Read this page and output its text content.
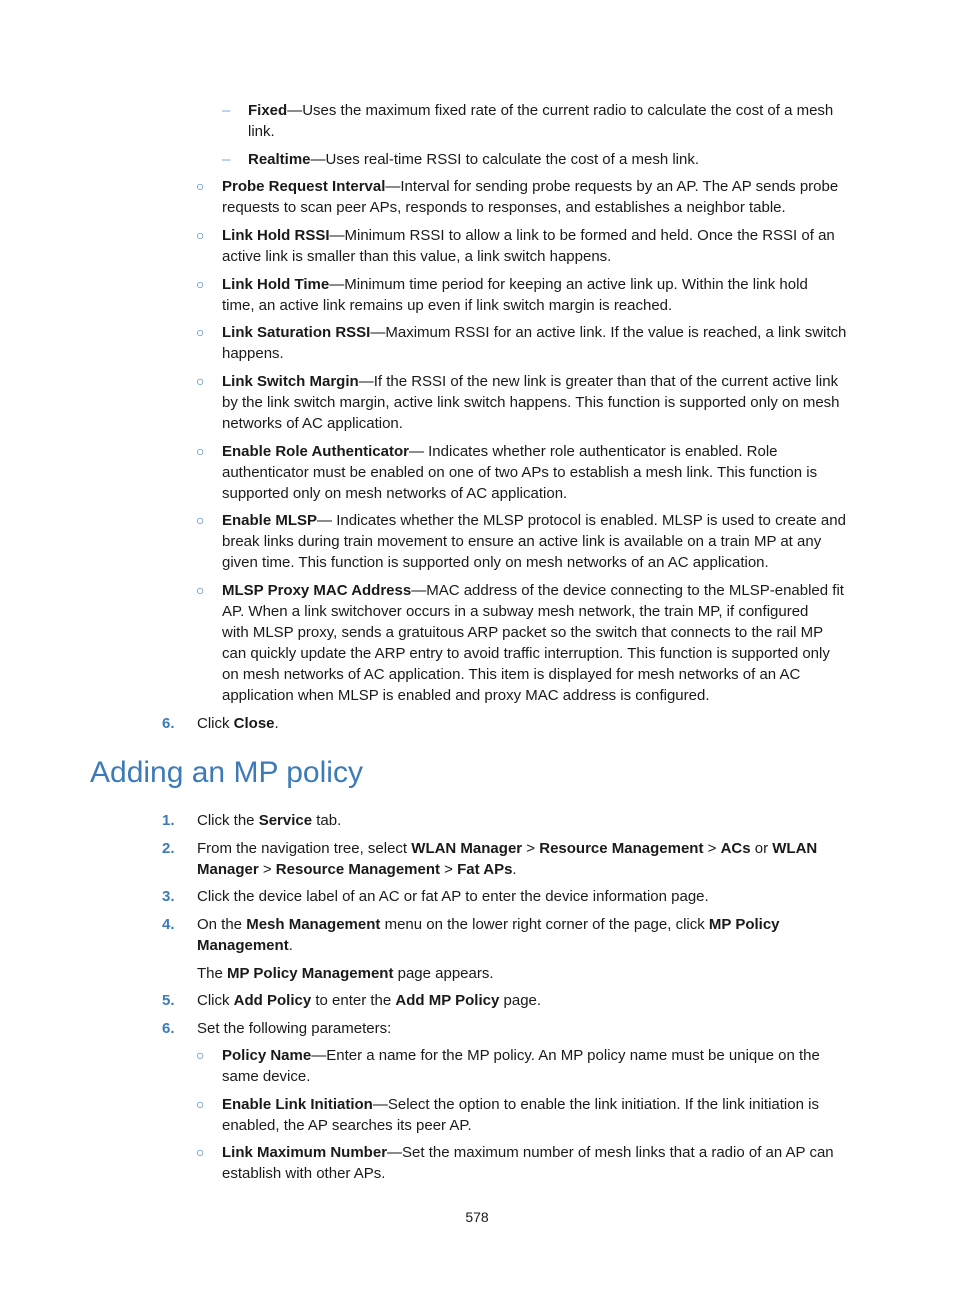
– Fixed—Uses the maximum fixed rate of the current radio to calculate the cost of a mesh
link.
– Realtime—Uses real-time RSSI to calculate the cost of a mesh link.
○ Probe Request Interval—Interval for sending probe requests by an AP. The AP sends probe
requests to scan peer APs, responds to responses, and establishes a neighbor table.
○ Link Hold RSSI—Minimum RSSI to allow a link to be formed and held. Once the RSSI of an
active link is smaller than this value, a link switch happens.
○ Link Hold Time—Minimum time period for keeping an active link up. Within the link hold
time, an active link remains up even if link switch margin is reached.
○ Link Saturation RSSI—Maximum RSSI for an active link. If the value is reached, a link switch
happens.
○ Link Switch Margin—If the RSSI of the new link is greater than that of the current active link
by the link switch margin, active link switch happens. This function is supported only on mesh
networks of AC application.
○ Enable Role Authenticator— Indicates whether role authenticator is enabled. Role
authenticator must be enabled on one of two APs to establish a mesh link. This function is
supported only on mesh networks of AC application.
○ Enable MLSP— Indicates whether the MLSP protocol is enabled. MLSP is used to create and
break links during train movement to ensure an active link is available on a train MP at any
given time. This function is supported only on mesh networks of an AC application.
○ MLSP Proxy MAC Address—MAC address of the device connecting to the MLSP-enabled fit
AP. When a link switchover occurs in a subway mesh network, the train MP, if configured
with MLSP proxy, sends a gratuitous ARP packet so the switch that connects to the rail MP
can quickly update the ARP entry to avoid traffic interruption. This function is supported only
on mesh networks of AC application. This item is displayed for mesh networks of an AC
application when MLSP is enabled and proxy MAC address is configured.
6. Click Close.
Adding an MP policy
1. Click the Service tab.
2. From the navigation tree, select WLAN Manager > Resource Management > ACs or WLAN
Manager > Resource Management > Fat APs.
3. Click the device label of an AC or fat AP to enter the device information page.
4. On the Mesh Management menu on the lower right corner of the page, click MP Policy
Management.
The MP Policy Management page appears.
5. Click Add Policy to enter the Add MP Policy page.
6. Set the following parameters:
○ Policy Name—Enter a name for the MP policy. An MP policy name must be unique on the
same device.
○ Enable Link Initiation—Select the option to enable the link initiation. If the link initiation is
enabled, the AP searches its peer AP.
○ Link Maximum Number—Set the maximum number of mesh links that a radio of an AP can
establish with other APs.
578
